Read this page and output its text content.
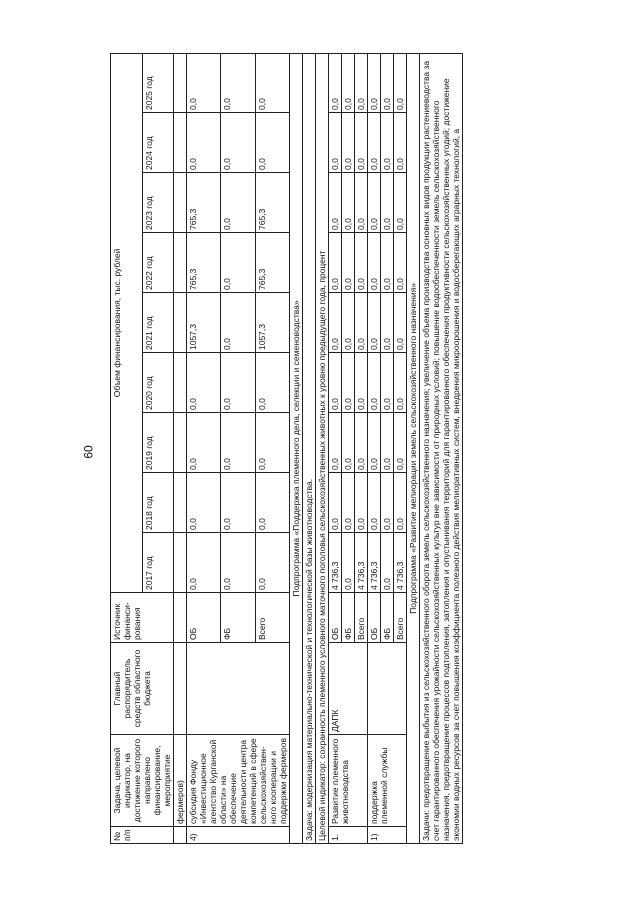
60
№ п/п	Задача, целевой индикатор, на достижение которого направлено финансирование, мероприятие	Главный распорядитель средств областного бюджета	Источник финанси-рования	Объем финансирования, тыс. рублей								
				2017 год	2018 год	2019 год	2020 год	2021 год	2022 год	2023 год	2024 год	2025 год
	фермеров)											
4)	субсидия Фонду «Инвестиционное агентство Курганской области» на обеспечение деятельности центра компетенций в сфере сельскохозяйствен-ного кооперации и поддержки фермеров		ОБ	0,0	0,0	0,0	0,0	1057,3	765,3	765,3	0,0	0,0
			ФБ	0,0	0,0	0,0	0,0	0,0	0,0	0,0	0,0	0,0
			Всего	0,0	0,0	0,0	0,0	1057,3	765,3	765,3	0,0	0,0
Подпрограмма «Поддержка племенного дела, селекции и семеноводства»												
Задача: модернизация материально-технической и технологической базы животноводства.												
Целевой индикатор: сохранность племенного условного маточного поголовья сельскохозяйственных животных к уровню предыдущего года, процент												
1.	Развитие племенного животноводства	ДАПК	ОБ	4 736,3	0,0	0,0	0,0	0,0	0,0	0,0	0,0	0,0
			ФБ	0,0	0,0	0,0	0,0	0,0	0,0	0,0	0,0	0,0
			Всего	4 736,3	0,0	0,0	0,0	0,0	0,0	0,0	0,0	0,0
1)	поддержка племенной службы		ОБ	4 736,3	0,0	0,0	0,0	0,0	0,0	0,0	0,0	0,0
			ФБ	0,0	0,0	0,0	0,0	0,0	0,0	0,0	0,0	0,0
			Всего	4 736,3	0,0	0,0	0,0	0,0	0,0	0,0	0,0	0,0
Подпрограмма «Развитие мелиорации земель сельскохозяйственного назначения»												
Задачи: предотвращение выбытия из сельскохозяйственного оборота земель сельскохозяйственного назначения; увеличение объема производства основных видов продукции растениеводства за счет гарантированного обеспечения урожайности сельскохозяйственных культур вне зависимости от природных условий; повышение водообеспеченности земель сельскохозяйственного назначения, предотвращение процессов подтопления, затопления и опустынивания территорий для гарантированного обеспечения продуктивности сельскохозяйственных угодий; достижение экономии водных ресурсов за счет повышения коэффициента полезного действия мелиоративных систем, внедрения микроорошения и водосберегающих аграрных технологий, а												
